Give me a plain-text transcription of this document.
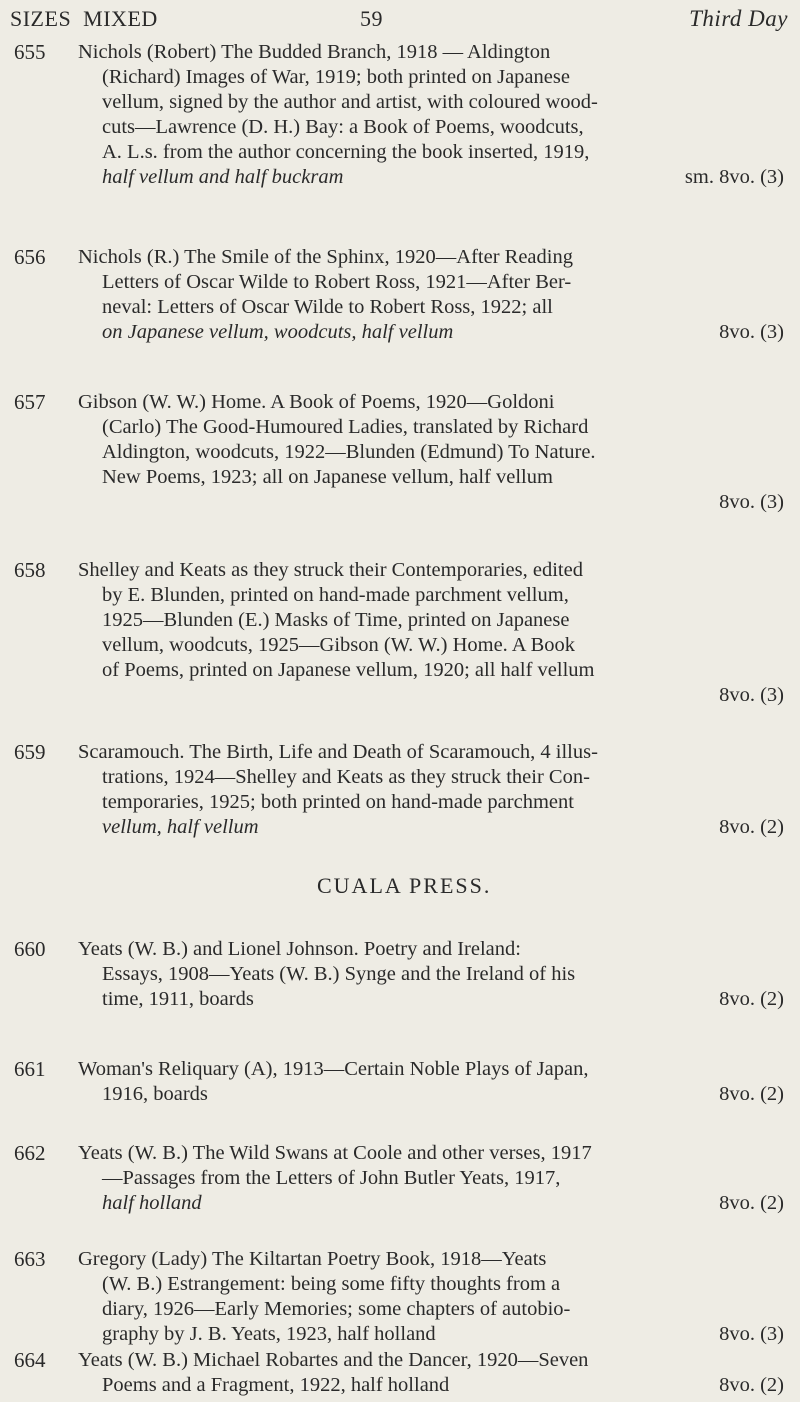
SIZES  MIXED	59	Third Day
655	Nichols (Robert) The Budded Branch, 1918 — Aldington
(Richard) Images of War, 1919; both printed on Japanese
vellum, signed by the author and artist, with coloured wood-
cuts—Lawrence (D. H.) Bay: a Book of Poems, woodcuts,
A. L.s. from the author concerning the book inserted, 1919,
half vellum and half buckram	sm. 8vo. (3)
656	Nichols (R.) The Smile of the Sphinx, 1920—After Reading
Letters of Oscar Wilde to Robert Ross, 1921—After Ber-
neval: Letters of Oscar Wilde to Robert Ross, 1922; all
on Japanese vellum, woodcuts, half vellum	8vo. (3)
657	Gibson (W. W.) Home. A Book of Poems, 1920—Goldoni
(Carlo) The Good-Humoured Ladies, translated by Richard
Aldington, woodcuts, 1922—Blunden (Edmund) To Nature.
New Poems, 1923; all on Japanese vellum, half vellum
8vo. (3)

658	Shelley and Keats as they struck their Contemporaries, edited
by E. Blunden, printed on hand-made parchment vellum,
1925—Blunden (E.) Masks of Time, printed on Japanese
vellum, woodcuts, 1925—Gibson (W. W.) Home. A Book
of Poems, printed on Japanese vellum, 1920; all half vellum
8vo. (3)

659	Scaramouch. The Birth, Life and Death of Scaramouch, 4 illus-
trations, 1924—Shelley and Keats as they struck their Con-
temporaries, 1925; both printed on hand-made parchment
vellum, half vellum	8vo. (2)
CUALA PRESS.
660	Yeats (W. B.) and Lionel Johnson. Poetry and Ireland:
Essays, 1908—Yeats (W. B.) Synge and the Ireland of his
time, 1911, boards	8vo. (2)
661	Woman's Reliquary (A), 1913—Certain Noble Plays of Japan,
1916, boards	8vo. (2)
662	Yeats (W. B.) The Wild Swans at Coole and other verses, 1917
—Passages from the Letters of John Butler Yeats, 1917,
half holland	8vo. (2)
663	Gregory (Lady) The Kiltartan Poetry Book, 1918—Yeats
(W. B.) Estrangement: being some fifty thoughts from a
diary, 1926—Early Memories; some chapters of autobio-
graphy by J. B. Yeats, 1923, half holland	8vo. (3)
664	Yeats (W. B.) Michael Robartes and the Dancer, 1920—Seven
Poems and a Fragment, 1922, half holland	8vo. (2)
